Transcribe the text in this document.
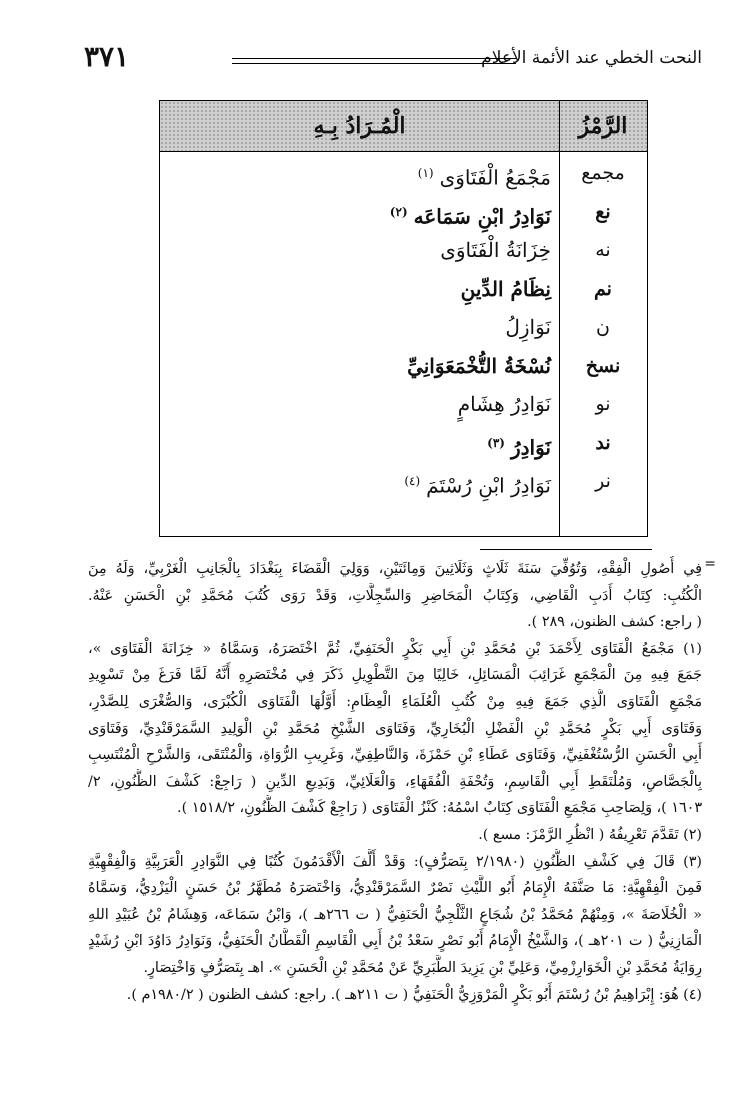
النحت الخطي عند الأئمة الأعلام
٣٧١
الرَّمْزُ
الْمُـرَادُ بِـهِ
مجمع
مَجْمَعُ الْفَتَاوَى$^{(١)}$
نع
نَوَادِرُ ابْنِ سَمَاعَه$^{(٢)}$
نه
خِزَانَةُ الْفَتَاوَى
نم
نِظَامُ الدِّينِ
ن
نَوَازِلُ
نسخ
نُسْخَةُ التُّخْمَعَوَانِيِّ
نو
نَوَادِرُ هِشَامٍ
ند
نَوَادِرُ$^{(٣)}$
نر
نَوَادِرُ ابْنِ رُسْتَمَ$^{(٤)}$
=
فِي أُصُولِ الْفِقْهِ، وَتُوُفِّيَ سَنَةَ ثَلَاثٍ وَثَلَاثِينَ وَمِائَتَيْنِ، وَوَلِيَ الْقَضَاءَ بِبَغْدَادَ بِالْجَانِبِ الْغَرْبِيِّ، وَلَهُ مِنَ
الْكُتُبِ: كِتَابُ أَدَبِ الْقَاضِي، وَكِتَابُ الْمَحَاضِرِ وَالسِّجِلَّاتِ، وَقَدْ رَوَى كُتُبَ مُحَمَّدِ بْنِ الْحَسَنِ عَنْهُ.
( راجع: كشف الظنون، ٢٨٩ ).
(١) مَجْمَعُ الْفَتَاوَى لِأَحْمَدَ بْنِ مُحَمَّدِ بْنِ أَبِي بَكْرٍ الْحَنَفِيِّ، ثُمَّ اخْتَصَرَهُ، وَسَمَّاهُ « خِزَانَةَ الْفَتَاوَى »،
جَمَعَ فِيهِ مِنَ الْمَجْمَعِ غَرَائِبَ الْمَسَائِلِ، خَالِيًا مِنَ التَّطْوِيلِ ذَكَرَ فِي مُخْتَصَرِهِ أَنَّهُ لَمَّا فَرَغَ مِنْ تَسْوِيدِ
مَجْمَعِ الْفَتَاوَى الَّذِي جَمَعَ فِيهِ مِنْ كُتُبِ الْعُلَمَاءِ الْعِظَامِ: أَوَّلُهَا الْفَتَاوَى الْكُبْرَى، وَالصُّغْرَى لِلصَّدْرِ،
وَفَتَاوَى أَبِي بَكْرٍ مُحَمَّدِ بْنِ الْفَضْلِ الْبُخَارِيِّ، وَفَتَاوَى الشَّيْخِ مُحَمَّدِ بْنِ الْوَلِيدِ السَّمَرْقَنْدِيِّ، وَفَتَاوَى
أَبِي الْحَسَنِ الرُّسْتُغْفَنِيِّ، وَفَتَاوَى عَطَاءِ بْنِ حَمْزَةَ، وَالنَّاطِفِيِّ، وَغَرِيبِ الرُّوَاةِ، وَالْمُنْتَقَى، وَالشَّرْحِ الْمُنْتَسِبِ
بِالْجَصَّاصِ، وَمُلْتَقَطِ أَبِي الْقَاسِمِ، وَتُحْفَةِ الْفُقَهَاءِ، وَالْعَلَائِيِّ، وَبَدِيعِ الدِّينِ ( رَاجِعْ: كَشْفَ الظُّنُونِ، ٢/
١٦٠٣ )، وَلِصَاحِبِ مَجْمَعِ الْفَتَاوَى كِتَابٌ اسْمُهُ: كَنْزُ الْفَتَاوَى ( رَاجِعْ كَشْفَ الظُّنُونِ، ١٥١٨/٢ ).
(٢) تَقَدَّمَ تَعْرِيفُهُ ( انْظُرِ الرَّمْزَ: مسع ).
(٣) قَالَ فِي كَشْفِ الظُّنُونِ (٢/١٩٨٠ بِتَصَرُّفٍ): وَقَدْ أَلَّفَ الْأَقْدَمُونَ كُتُبًا فِي النَّوَادِرِ الْعَرَبِيَّةِ وَالْفِقْهِيَّةِ
فَمِنَ الْفِقْهِيَّةِ: مَا صَنَّفَهُ الْإِمَامُ أَبُو اللَّيْثِ نَصْرٌ السَّمَرْقَنْدِيُّ، وَاخْتَصَرَهُ مُطَهَّرُ بْنُ حَسَنٍ الْيَزْدِيُّ، وَسَمَّاهُ
« الْخُلَاصَةَ »، وَمِنْهُمْ مُحَمَّدُ بْنُ شُجَاعٍ الثَّلْجِيُّ الْحَنَفِيُّ ( ت ٢٦٦هـ )، وَابْنُ سَمَاعَه، وَهِشَامُ بْنُ عُبَيْدِ اللهِ
الْمَازِنِيُّ ( ت ٢٠١هـ )، وَالشَّيْخُ الْإِمَامُ أَبُو نَصْرٍ سَعْدُ بْنُ أَبِي الْقَاسِمِ الْقَطَّانُ الْحَنَفِيُّ، وَنَوَادِرُ دَاوُدَ ابْنِ رُشَيْدٍ
رِوَايَةُ مُحَمَّدِ بْنِ الْخَوَارِزْمِيِّ، وَعَلِيِّ بْنِ يَزِيدَ الطَّبَرِيِّ عَنْ مُحَمَّدِ بْنِ الْحَسَنِ ». اهـ بِتَصَرُّفٍ وَاخْتِصَارٍ.
(٤) هُوَ: إِبْرَاهِيمُ بْنُ رُسْتَمَ أَبُو بَكْرٍ الْمَرْوَزِيُّ الْحَنَفِيُّ ( ت ٢١١هـ ). راجع: كشف الظنون ( ١٩٨٠/٢م ).
